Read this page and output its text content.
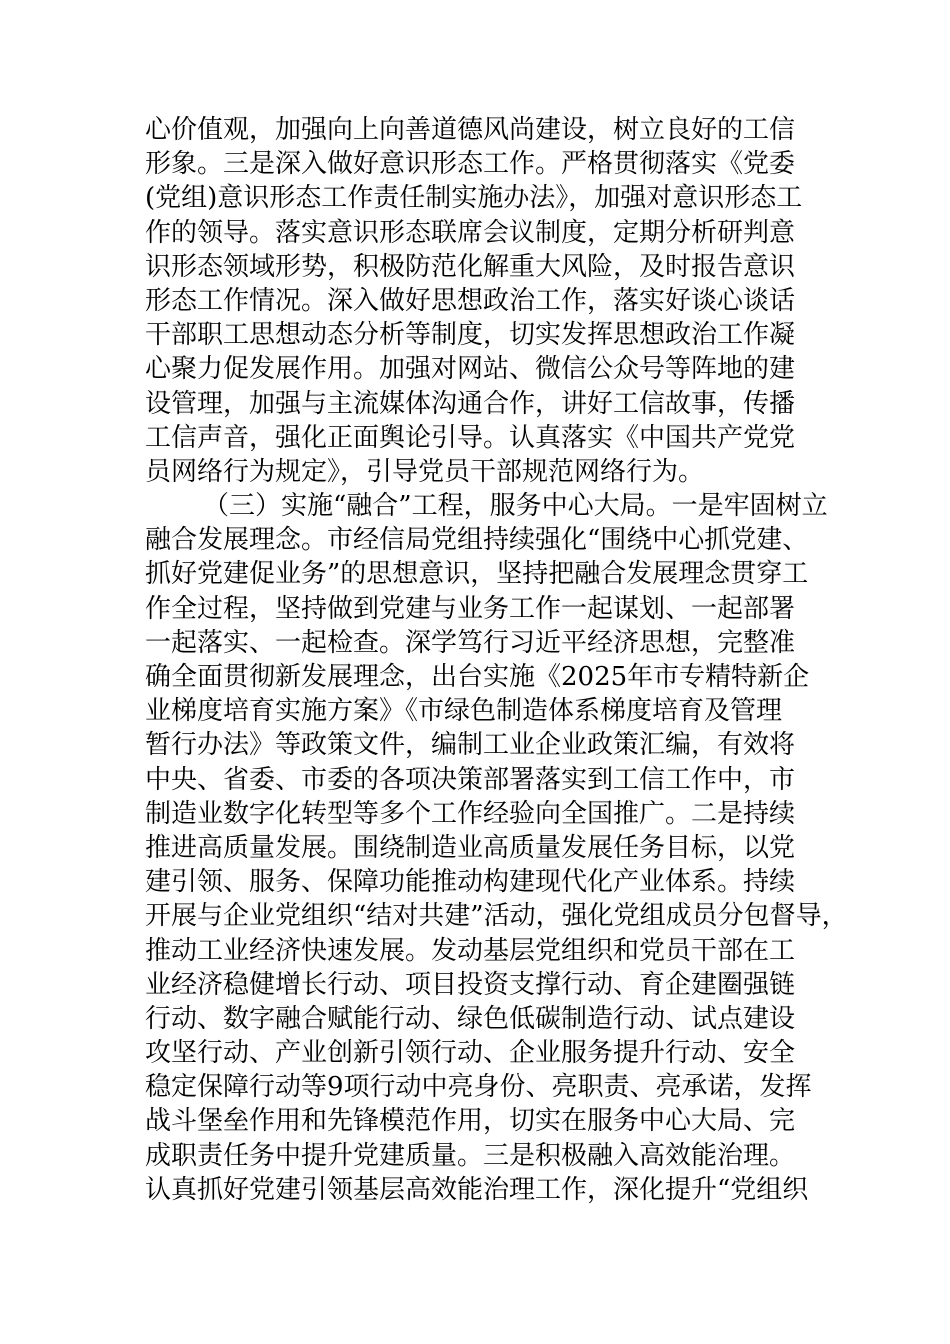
心价值观，加强向上向善道德风尚建设，树立良好的工信
形象。三是深入做好意识形态工作。严格贯彻落实《党委
(党组)意识形态工作责任制实施办法》，加强对意识形态工
作的领导。落实意识形态联席会议制度，定期分析研判意
识形态领域形势，积极防范化解重大风险，及时报告意识
形态工作情况。深入做好思想政治工作，落实好谈心谈话
干部职工思想动态分析等制度，切实发挥思想政治工作凝
心聚力促发展作用。加强对网站、微信公众号等阵地的建
设管理，加强与主流媒体沟通合作，讲好工信故事，传播
工信声音，强化正面舆论引导。认真落实《中国共产党党
员网络行为规定》，引导党员干部规范网络行为。
（三）实施“融合”工程，服务中心大局。一是牢固树立
融合发展理念。市经信局党组持续强化“围绕中心抓党建、
抓好党建促业务”的思想意识，坚持把融合发展理念贯穿工
作全过程，坚持做到党建与业务工作一起谋划、一起部署
一起落实、一起检查。深学笃行习近平经济思想，完整准
确全面贯彻新发展理念，出台实施《2025年市专精特新企
业梯度培育实施方案》《市绿色制造体系梯度培育及管理
暂行办法》等政策文件，编制工业企业政策汇编，有效将
中央、省委、市委的各项决策部署落实到工信工作中，市
制造业数字化转型等多个工作经验向全国推广。二是持续
推进高质量发展。围绕制造业高质量发展任务目标，以党
建引领、服务、保障功能推动构建现代化产业体系。持续
开展与企业党组织“结对共建”活动，强化党组成员分包督导，
推动工业经济快速发展。发动基层党组织和党员干部在工
业经济稳健增长行动、项目投资支撑行动、育企建圈强链
行动、数字融合赋能行动、绿色低碳制造行动、试点建设
攻坚行动、产业创新引领行动、企业服务提升行动、安全
稳定保障行动等9项行动中亮身份、亮职责、亮承诺，发挥
战斗堡垒作用和先锋模范作用，切实在服务中心大局、完
成职责任务中提升党建质量。三是积极融入高效能治理。
认真抓好党建引领基层高效能治理工作，深化提升“党组织
